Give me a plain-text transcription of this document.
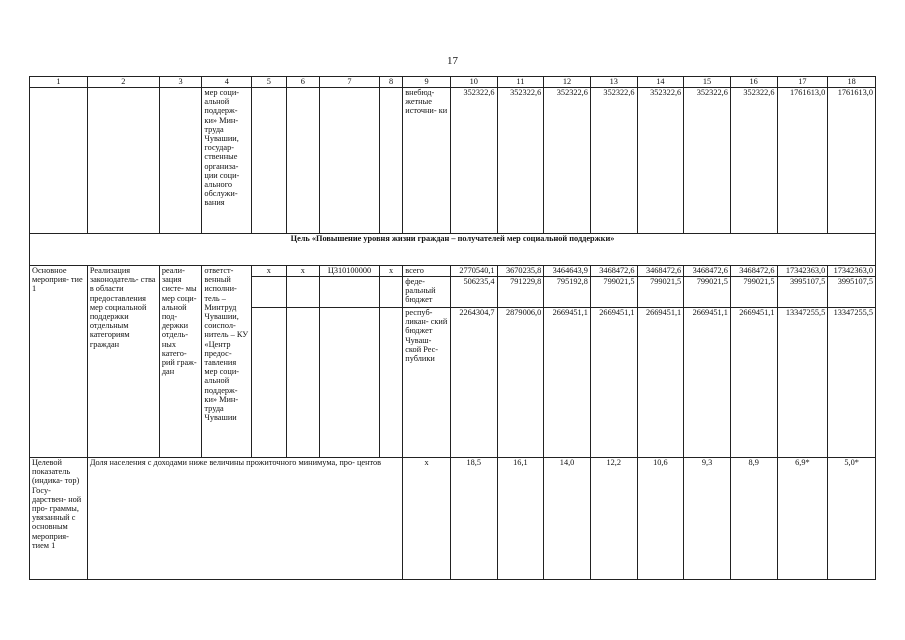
17
1	2	3	4	5	6	7	8	9	10	11	12	13	14	15	16	17	18
			мер соци- альной поддерж- ки» Мин- труда Чувашии, государ- ственные организа- ции соци- ального обслужи- вания					внебюд- жетные источни- ки	352322,6	352322,6	352322,6	352322,6	352322,6	352322,6	352322,6	1761613,0	1761613,0
Цель «Повышение уровня жизни граждан – получателей мер социальной поддержки»																	
Основное мероприя- тие 1	Реализация законодатель- ства в области предоставления мер социальной поддержки отдельным категориям граждан	реали- зация систе- мы мер соци- альной под- держки отдель- ных катего- рий граж- дан	ответст- венный исполни- тель – Минтруд Чувашии, соиспол- нитель – КУ «Центр предос- тавления мер соци- альной поддерж- ки» Мин- труда Чувашии	x	x	Ц310100000	x	всего	2770540,1	3670235,8	3464643,9	3468472,6	3468472,6	3468472,6	3468472,6	17342363,0	17342363,0
								феде- ральный бюджет	506235,4	791229,8	795192,8	799021,5	799021,5	799021,5	799021,5	3995107,5	3995107,5
								респуб- ликан- ский бюджет Чуваш- ской Рес- публики	2264304,7	2879006,0	2669451,1	2669451,1	2669451,1	2669451,1	2669451,1	13347255,5	13347255,5
Целевой показатель (индика- тор) Госу- дарствен- ной про- граммы, увязанный с основным мероприя- тием 1	Доля населения с доходами ниже величины прожиточного минимума, про- центов							x	18,5	16,1	14,0	12,2	10,6	9,3	8,9	6,9*	5,0*
